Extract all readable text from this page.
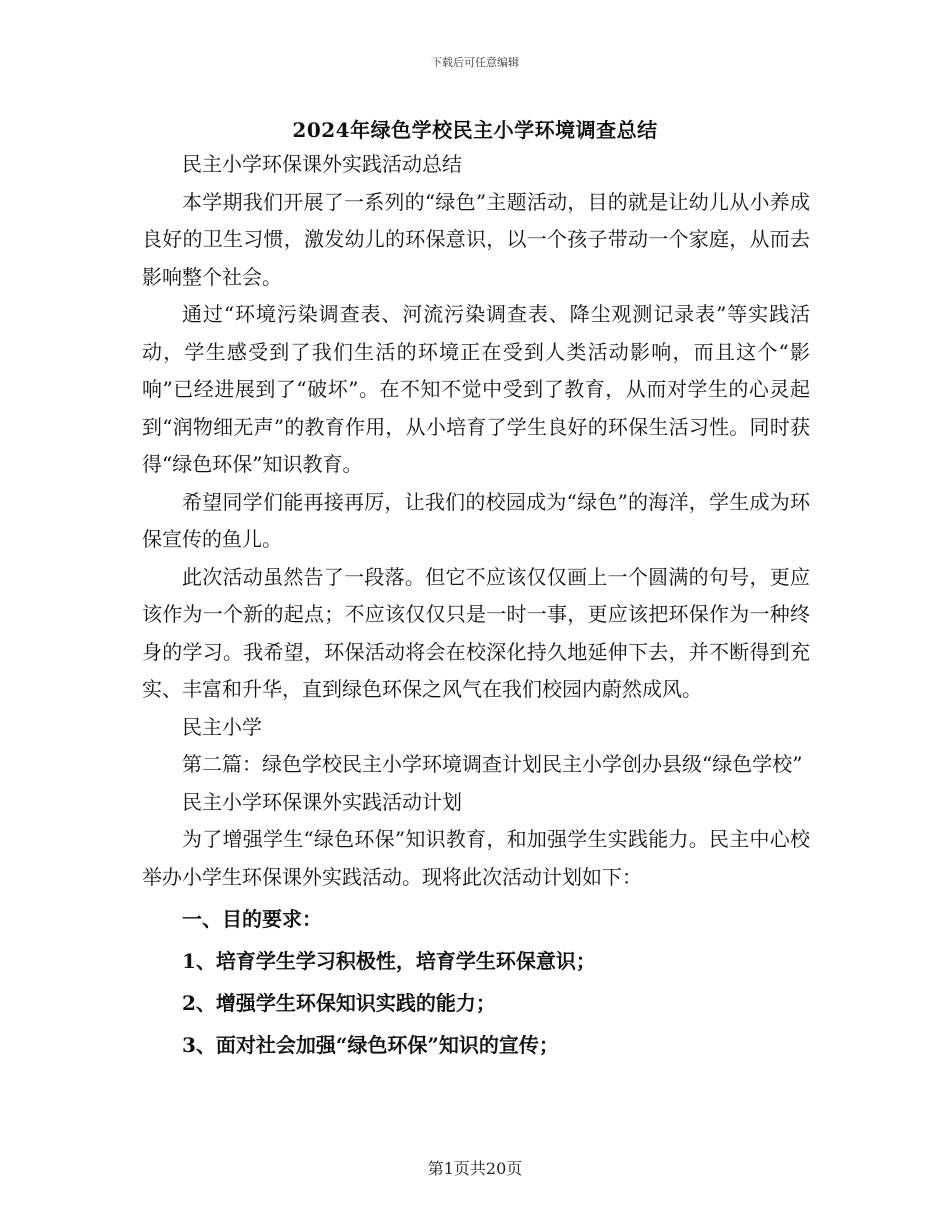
下载后可任意编辑
2024年绿色学校民主小学环境调查总结

民主小学环保课外实践活动总结

本学期我们开展了一系列的“绿色”主题活动，目的就是让幼儿从小养成良好的卫生习惯，激发幼儿的环保意识，以一个孩子带动一个家庭，从而去影响整个社会。

通过“环境污染调查表、河流污染调查表、降尘观测记录表”等实践活动，学生感受到了我们生活的环境正在受到人类活动影响，而且这个“影响”已经进展到了“破坏”。在不知不觉中受到了教育，从而对学生的心灵起到“润物细无声”的教育作用，从小培育了学生良好的环保生活习性。同时获得“绿色环保”知识教育。

希望同学们能再接再厉，让我们的校园成为“绿色”的海洋，学生成为环保宣传的鱼儿。

此次活动虽然告了一段落。但它不应该仅仅画上一个圆满的句号，更应该作为一个新的起点；不应该仅仅只是一时一事，更应该把环保作为一种终身的学习。我希望，环保活动将会在校深化持久地延伸下去，并不断得到充实、丰富和升华，直到绿色环保之风气在我们校园内蔚然成风。

民主小学

第二篇：绿色学校民主小学环境调查计划民主小学创办县级“绿色学校”

民主小学环保课外实践活动计划

为了增强学生“绿色环保”知识教育，和加强学生实践能力。民主中心校举办小学生环保课外实践活动。现将此次活动计划如下：

一、目的要求：

1、培育学生学习积极性，培育学生环保意识；

2、增强学生环保知识实践的能力；

3、面对社会加强“绿色环保”知识的宣传；

第1页共20页
